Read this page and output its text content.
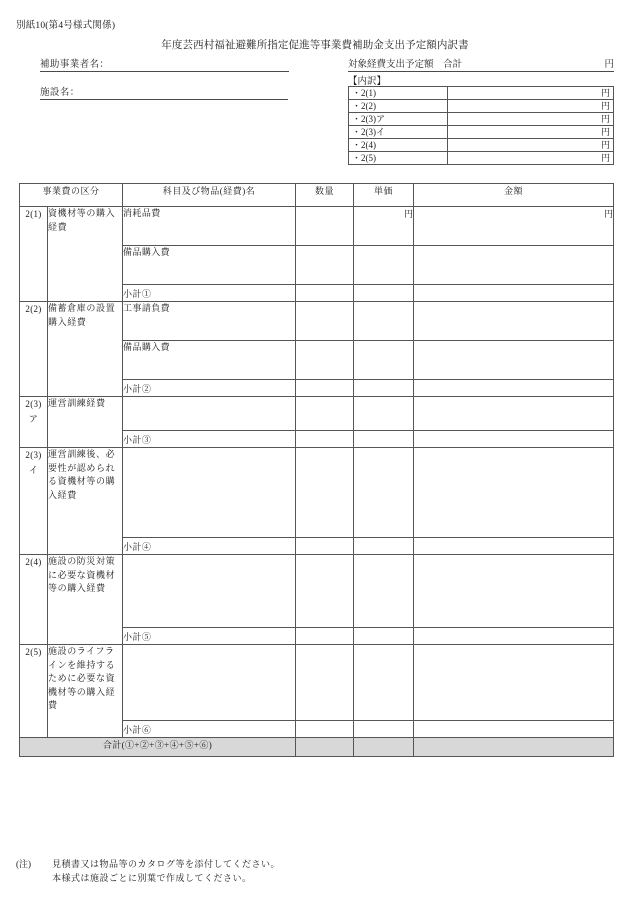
別紙10(第4号様式関係)
年度芸西村福祉避難所指定促進等事業費補助金支出予定額内訳書
補助事業者名：
施設名：
対象経費支出予定額　合計	円
【内訳】
・2(1)	円
・2(2)	円
・2(3)ア	円
・2(3)イ	円
・2(4)	円
・2(5)	円
事業費の区分		科目及び物品(経費)名	数量	単価	金額
2(1)	資機材等の購入経費	消耗品費		円	円
		備品購入費

		小計①			
2(2)	備蓄倉庫の設置購入経費	工事請負費

		備品購入費

		小計②			

2(3)
ア	運営訓練経費	

		小計③			

2(3)
イ	運営訓練後、必要性が認められる資機材等の購入経費	

		小計④			
2(4)	施設の防災対策に必要な資機材等の購入経費	

		小計⑤			
2(5)	施設のライフラインを維持するために必要な資機材等の購入経費	

		小計⑥			
合計(①+②+③+④+⑤+⑥)					
(注) 見積書又は物品等のカタログ等を添付してください。
本様式は施設ごとに別葉で作成してください。
